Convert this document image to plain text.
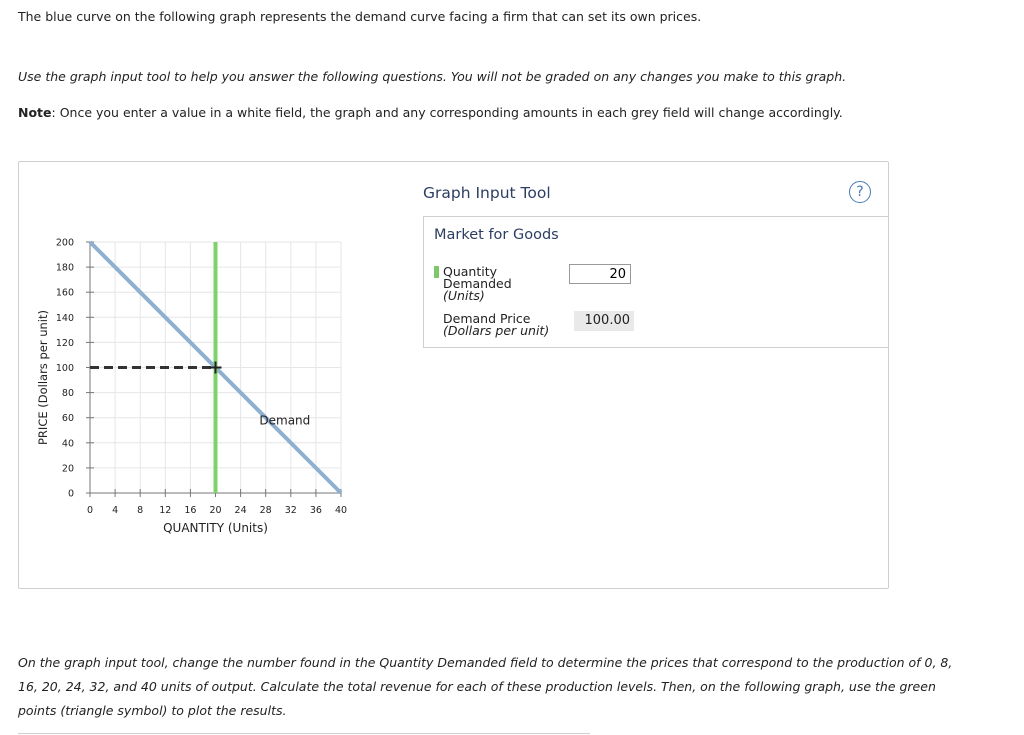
The blue curve on the following graph represents the demand curve facing a firm that can set its own prices.

Use the graph input tool to help you answer the following questions. You will not be graded on any changes you make to this graph.

Note: Once you enter a value in a white field, the graph and any corresponding amounts in each grey field will change accordingly.

PRICE (Dollars per unit)
QUANTITY (Units)
0
20
40
60
80
100
120
140
160
180
200
0 4 8 12 16 20 24 28 32 36 40
Demand
Graph Input Tool	?
Market for Goods
Quantity
Demanded
(Units)
20
Demand Price
(Dollars per unit)
100.00

On the graph input tool, change the number found in the Quantity Demanded field to determine the prices that correspond to the production of 0, 8,

16, 20, 24, 32, and 40 units of output. Calculate the total revenue for each of these production levels. Then, on the following graph, use the green

points (triangle symbol) to plot the results.
